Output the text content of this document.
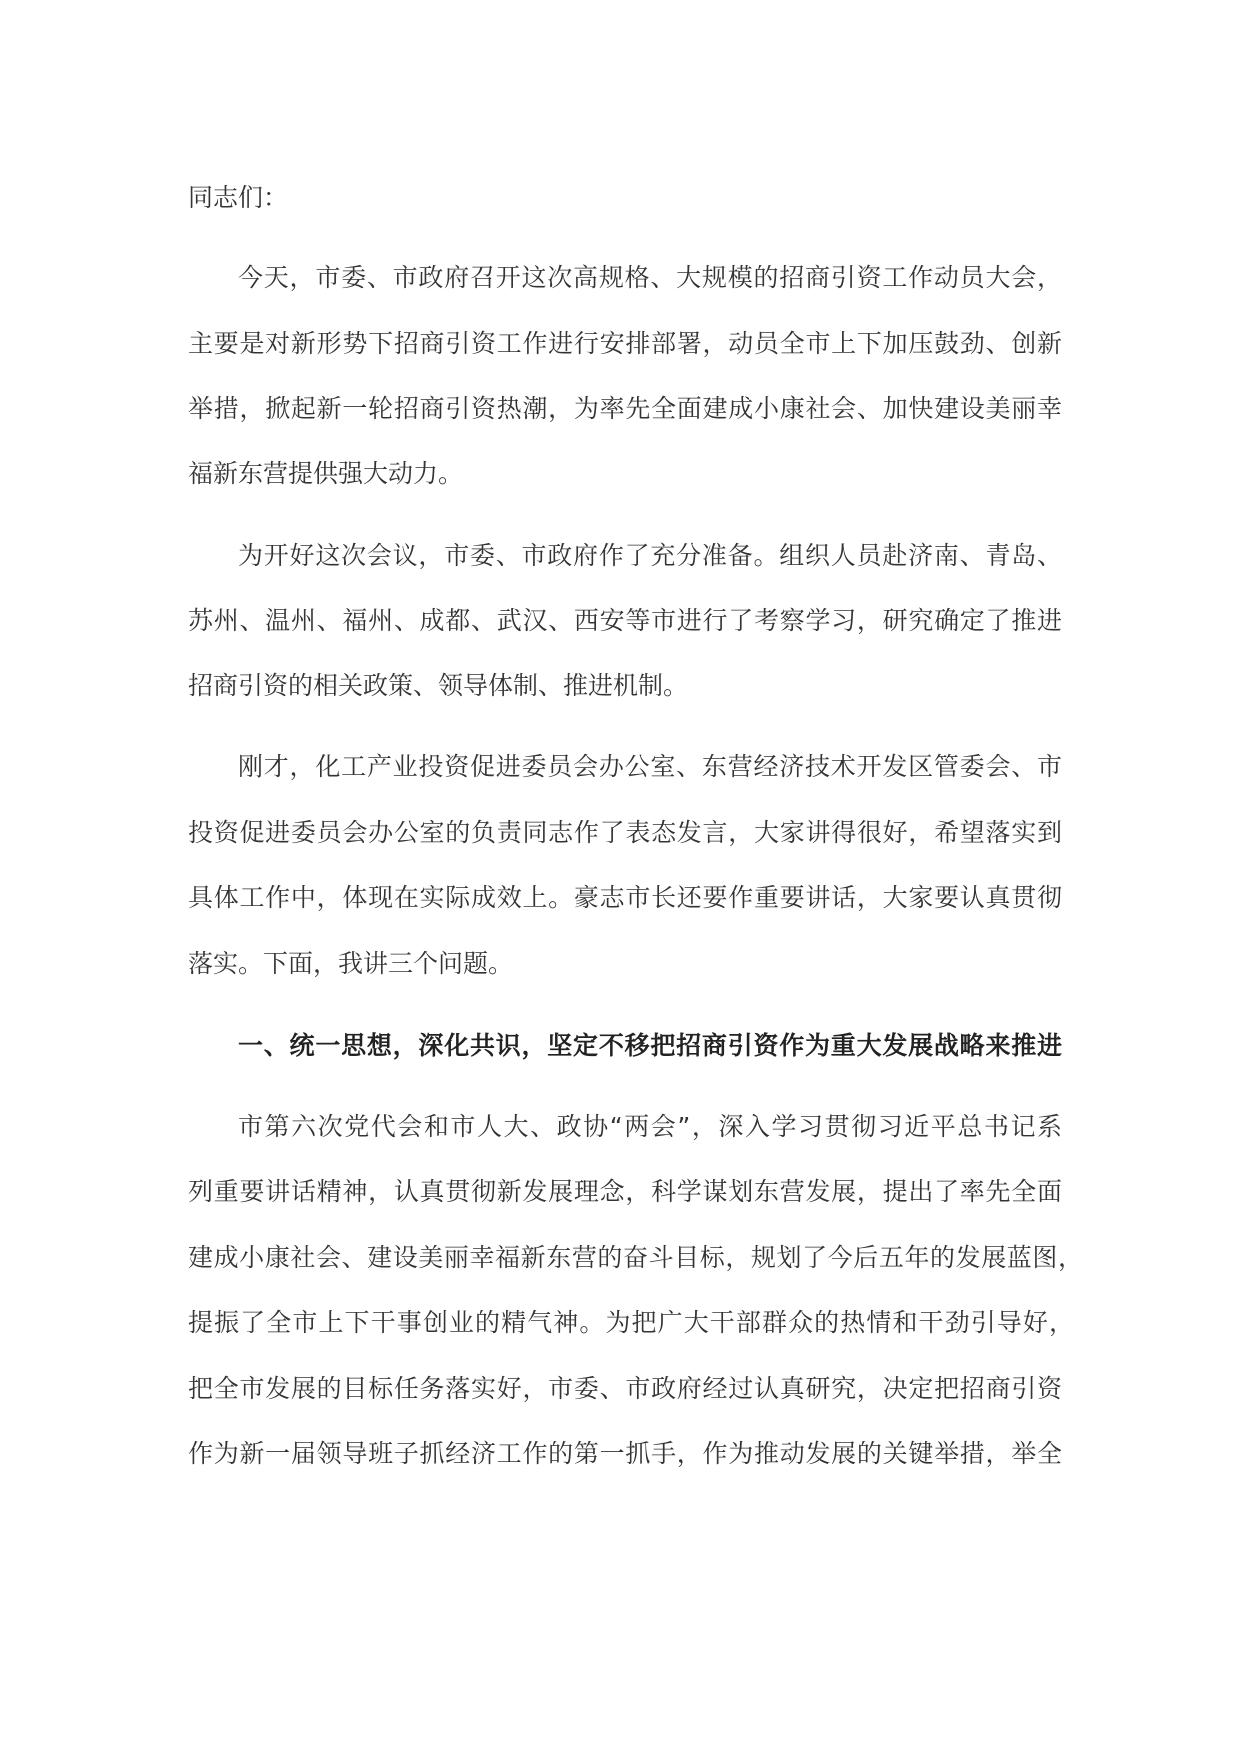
同志们：
今天，市委、市政府召开这次高规格、大规模的招商引资工作动员大会，
主要是对新形势下招商引资工作进行安排部署，动员全市上下加压鼓劲、创新
举措，掀起新一轮招商引资热潮，为率先全面建成小康社会、加快建设美丽幸
福新东营提供强大动力。
为开好这次会议，市委、市政府作了充分准备。组织人员赴济南、青岛、
苏州、温州、福州、成都、武汉、西安等市进行了考察学习，研究确定了推进
招商引资的相关政策、领导体制、推进机制。
刚才，化工产业投资促进委员会办公室、东营经济技术开发区管委会、市
投资促进委员会办公室的负责同志作了表态发言，大家讲得很好，希望落实到
具体工作中，体现在实际成效上。豪志市长还要作重要讲话，大家要认真贯彻
落实。下面，我讲三个问题。
一、统一思想，深化共识，坚定不移把招商引资作为重大发展战略来推进
市第六次党代会和市人大、政协“两会”，深入学习贯彻习近平总书记系
列重要讲话精神，认真贯彻新发展理念，科学谋划东营发展，提出了率先全面
建成小康社会、建设美丽幸福新东营的奋斗目标，规划了今后五年的发展蓝图，
提振了全市上下干事创业的精气神。为把广大干部群众的热情和干劲引导好，
把全市发展的目标任务落实好，市委、市政府经过认真研究，决定把招商引资
作为新一届领导班子抓经济工作的第一抓手，作为推动发展的关键举措，举全
